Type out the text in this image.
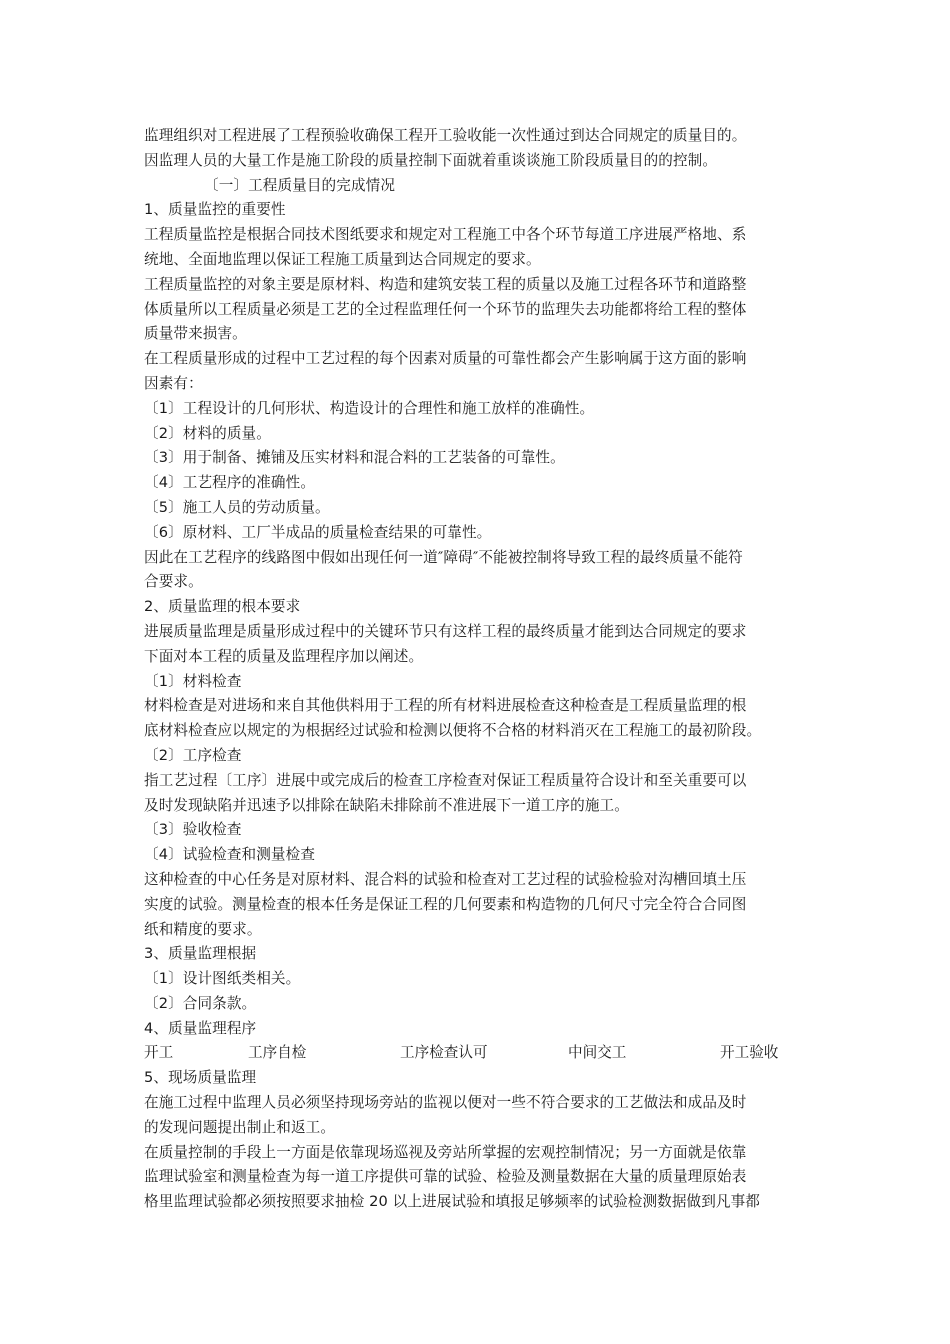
监理组织对工程进展了工程预验收确保工程开工验收能一次性通过到达合同规定的质量目的。
因监理人员的大量工作是施工阶段的质量控制下面就着重谈谈施工阶段质量目的的控制。
〔一〕工程质量目的完成情况
1、质量监控的重要性
工程质量监控是根据合同技术图纸要求和规定对工程施工中各个环节每道工序进展严格地、系
统地、全面地监理以保证工程施工质量到达合同规定的要求。
工程质量监控的对象主要是原材料、构造和建筑安装工程的质量以及施工过程各环节和道路整
体质量所以工程质量必须是工艺的全过程监理任何一个环节的监理失去功能都将给工程的整体
质量带来损害。
在工程质量形成的过程中工艺过程的每个因素对质量的可靠性都会产生影响属于这方面的影响
因素有：
〔1〕工程设计的几何形状、构造设计的合理性和施工放样的准确性。
〔2〕材料的质量。
〔3〕用于制备、摊铺及压实材料和混合料的工艺装备的可靠性。
〔4〕工艺程序的准确性。
〔5〕施工人员的劳动质量。
〔6〕原材料、工厂半成品的质量检查结果的可靠性。
因此在工艺程序的线路图中假如出现任何一道″障碍″不能被控制将导致工程的最终质量不能符
合要求。
2、质量监理的根本要求
进展质量监理是质量形成过程中的关键环节只有这样工程的最终质量才能到达合同规定的要求
下面对本工程的质量及监理程序加以阐述。
〔1〕材料检查
材料检查是对进场和来自其他供料用于工程的所有材料进展检查这种检查是工程质量监理的根
底材料检查应以规定的为根据经过试验和检测以便将不合格的材料消灭在工程施工的最初阶段。
〔2〕工序检查
指工艺过程〔工序〕进展中或完成后的检查工序检查对保证工程质量符合设计和至关重要可以
及时发现缺陷并迅速予以排除在缺陷未排除前不准进展下一道工序的施工。
〔3〕验收检查
〔4〕试验检查和测量检查
这种检查的中心任务是对原材料、混合料的试验和检查对工艺过程的试验检验对沟槽回填土压
实度的试验。测量检查的根本任务是保证工程的几何要素和构造物的几何尺寸完全符合合同图
纸和精度的要求。
3、质量监理根据
〔1〕设计图纸类相关。
〔2〕合同条款。
4、质量监理程序
开工	工序自检	工序检查认可	中间交工	开工验收
5、现场质量监理
在施工过程中监理人员必须坚持现场旁站的监视以便对一些不符合要求的工艺做法和成品及时
的发现问题提出制止和返工。
在质量控制的手段上一方面是依靠现场巡视及旁站所掌握的宏观控制情况；另一方面就是依靠
监理试验室和测量检查为每一道工序提供可靠的试验、检验及测量数据在大量的质量理原始表
格里监理试验都必须按照要求抽检 20 以上进展试验和填报足够频率的试验检测数据做到凡事都
